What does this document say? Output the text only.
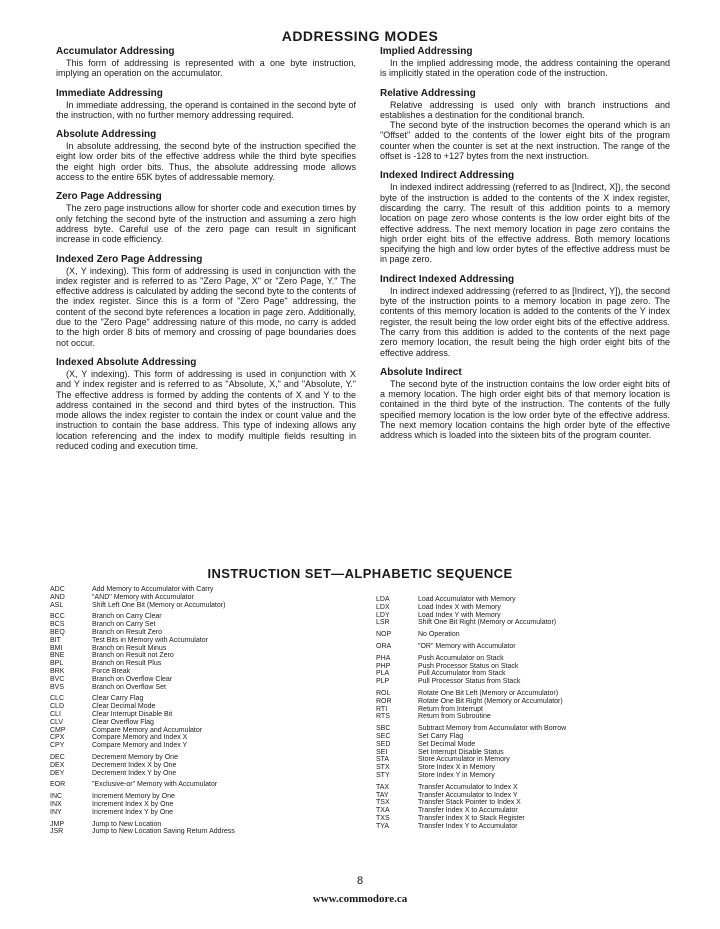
ADDRESSING MODES
Accumulator Addressing

This form of addressing is represented with a one byte instruction, implying an operation on the accumulator.

Immediate Addressing

In immediate addressing, the operand is contained in the second byte of the instruction, with no further memory addressing required.

Absolute Addressing

In absolute addressing, the second byte of the instruction specified the eight low order bits of the effective address while the third byte specifies the eight high order bits. Thus, the absolute addressing mode allows access to the entire 65K bytes of addressable memory.

Zero Page Addressing

The zero page instructions allow for shorter code and execution times by only fetching the second byte of the instruction and assuming a zero high address byte. Careful use of the zero page can result in significant increase in code efficiency.

Indexed Zero Page Addressing

(X, Y indexing). This form of addressing is used in conjunction with the index register and is referred to as "Zero Page, X" or "Zero Page, Y." The effective address is calculated by adding the second byte to the contents of the index register. Since this is a form of "Zero Page" addressing, the content of the second byte references a location in page zero. Additionally, due to the "Zero Page" addressing nature of this mode, no carry is added to the high order 8 bits of memory and crossing of page boundaries does not occur.

Indexed Absolute Addressing

(X, Y indexing). This form of addressing is used in conjunction with X and Y index register and is referred to as "Absolute, X," and "Absolute, Y." The effective address is formed by adding the contents of X and Y to the address contained in the second and third bytes of the instruction. This mode allows the index register to contain the index or count value and the instruction to contain the base address. This type of indexing allows any location referencing and the index to modify multiple fields resulting in reduced coding and execution time.

Implied Addressing

In the implied addressing mode, the address containing the operand is implicitly stated in the operation code of the instruction.

Relative Addressing

Relative addressing is used only with branch instructions and establishes a destination for the conditional branch.

The second byte of the instruction becomes the operand which is an "Offset" added to the contents of the lower eight bits of the program counter when the counter is set at the next instruction. The range of the offset is -128 to +127 bytes from the next instruction.

Indexed Indirect Addressing

In indexed indirect addressing (referred to as [Indirect, X]), the second byte of the instruction is added to the contents of the X index register, discarding the carry. The result of this addition points to a memory location on page zero whose contents is the low order eight bits of the effective address. The next memory location in page zero contains the high order eight bits of the effective address. Both memory locations specifying the high and low order bytes of the effective address must be in page zero.

Indirect Indexed Addressing

In indirect indexed addressing (referred to as [Indirect, Y]), the second byte of the instruction points to a memory location in page zero. The contents of this memory location is added to the contents of the Y index register, the result being the low order eight bits of the effective address. The carry from this addition is added to the contents of the next page zero memory location, the result being the high order eight bits of the effective address.

Absolute Indirect

The second byte of the instruction contains the low order eight bits of a memory location. The high order eight bits of that memory location is contained in the third byte of the instruction. The contents of the fully specified memory location is the low order byte of the effective address. The next memory location contains the high order byte of the effective address which is loaded into the sixteen bits of the program counter.

INSTRUCTION SET—ALPHABETIC SEQUENCE
ADC	Add Memory to Accumulator with Carry
AND	"AND" Memory with Accumulator
ASL	Shift Left One Bit (Memory or Accumulator)
BCC	Branch on Carry Clear
BCS	Branch on Carry Set
BEQ	Branch on Result Zero
BIT	Test Bits in Memory with Accumulator
BMI	Branch on Result Minus
BNE	Branch on Result not Zero
BPL	Branch on Result Plus
BRK	Force Break
BVC	Branch on Overflow Clear
BVS	Branch on Overflow Set
CLC	Clear Carry Flag
CLD	Clear Decimal Mode
CLI	Clear Interrupt Disable Bit
CLV	Clear Overflow Flag
CMP	Compare Memory and Accumulator
CPX	Compare Memory and Index X
CPY	Compare Memory and Index Y
DEC	Decrement Memory by One
DEX	Decrement Index X by One
DEY	Decrement Index Y by One
EOR	"Exclusive-or" Memory with Accumulator
INC	Increment Memory by One
INX	Increment Index X by One
INY	Increment Index Y by One
JMP	Jump to New Location
JSR	Jump to New Location Saving Return Address
LDA	Load Accumulator with Memory
LDX	Load Index X with Memory
LDY	Load Index Y with Memory
LSR	Shift One Bit Right (Memory or Accumulator)
NOP	No Operation
ORA	"OR" Memory with Accumulator
PHA	Push Accumulator on Stack
PHP	Push Processor Status on Stack
PLA	Pull Accumulator from Stack
PLP	Pull Processor Status from Stack
ROL	Rotate One Bit Left (Memory or Accumulator)
ROR	Rotate One Bit Right (Memory or Accumulator)
RTI	Return from Interrupt
RTS	Return from Subroutine
SBC	Subtract Memory from Accumulator with Borrow
SEC	Set Carry Flag
SED	Set Decimal Mode
SEI	Set Interrupt Disable Status
STA	Store Accumulator in Memory
STX	Store Index X in Memory
STY	Store Index Y in Memory
TAX	Transfer Accumulator to Index X
TAY	Transfer Accumulator to Index Y
TSX	Transfer Stack Pointer to Index X
TXA	Transfer Index X to Accumulator
TXS	Transfer Index X to Stack Register
TYA	Transfer Index Y to Accumulator
8
www.commodore.ca
